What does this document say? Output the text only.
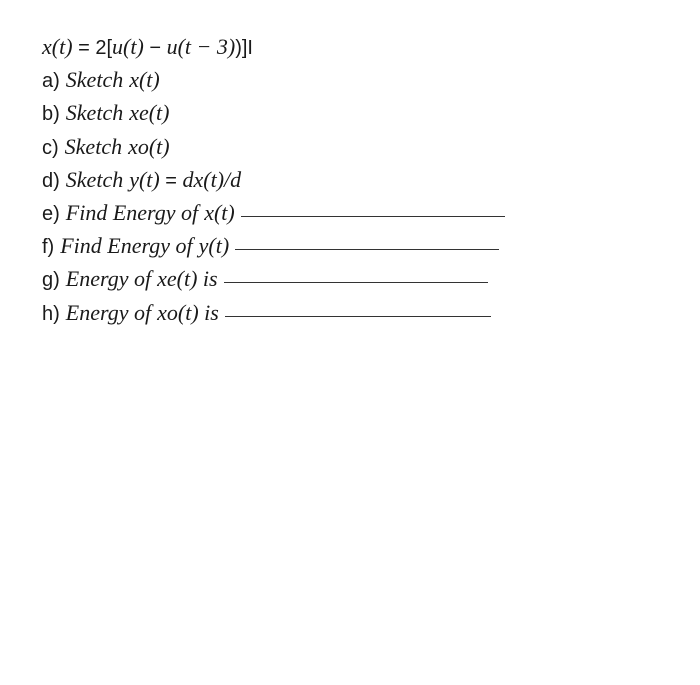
x(t) = 2[ u(t) − u(t − 3) )]I
a) Sketch x(t)
b) Sketch xe(t)
c) Sketch xo(t)
d) Sketch y(t) = dx(t)/d
e) Find Energy of x(t)
f) Find Energy of y(t)
g) Energy of xe(t) is
h) Energy of xo(t) is
